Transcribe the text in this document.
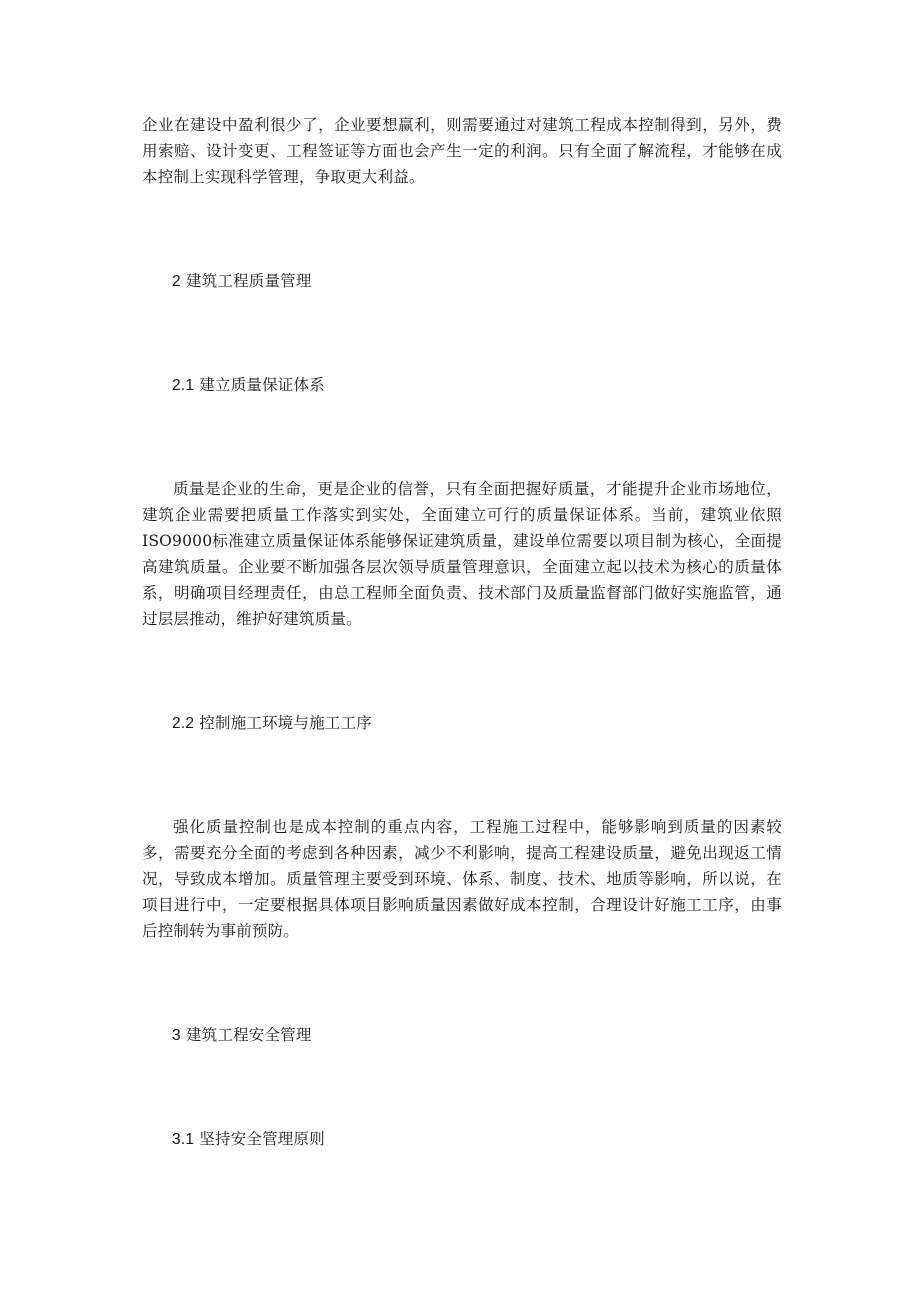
企业在建设中盈利很少了，企业要想赢利，则需要通过对建筑工程成本控制得到，另外，费用索赔、设计变更、工程签证等方面也会产生一定的利润。只有全面了解流程，才能够在成本控制上实现科学管理，争取更大利益。

2 建筑工程质量管理
2.1 建立质量保证体系

质量是企业的生命，更是企业的信誉，只有全面把握好质量，才能提升企业市场地位，建筑企业需要把质量工作落实到实处，全面建立可行的质量保证体系。当前，建筑业依照ISO9000标准建立质量保证体系能够保证建筑质量，建设单位需要以项目制为核心，全面提高建筑质量。企业要不断加强各层次领导质量管理意识，全面建立起以技术为核心的质量体系，明确项目经理责任，由总工程师全面负责、技术部门及质量监督部门做好实施监管，通过层层推动，维护好建筑质量。

2.2 控制施工环境与施工工序

强化质量控制也是成本控制的重点内容，工程施工过程中，能够影响到质量的因素较多，需要充分全面的考虑到各种因素，减少不利影响，提高工程建设质量，避免出现返工情况，导致成本增加。质量管理主要受到环境、体系、制度、技术、地质等影响，所以说，在项目进行中，一定要根据具体项目影响质量因素做好成本控制，合理设计好施工工序，由事后控制转为事前预防。

3 建筑工程安全管理
3.1 坚持安全管理原则
